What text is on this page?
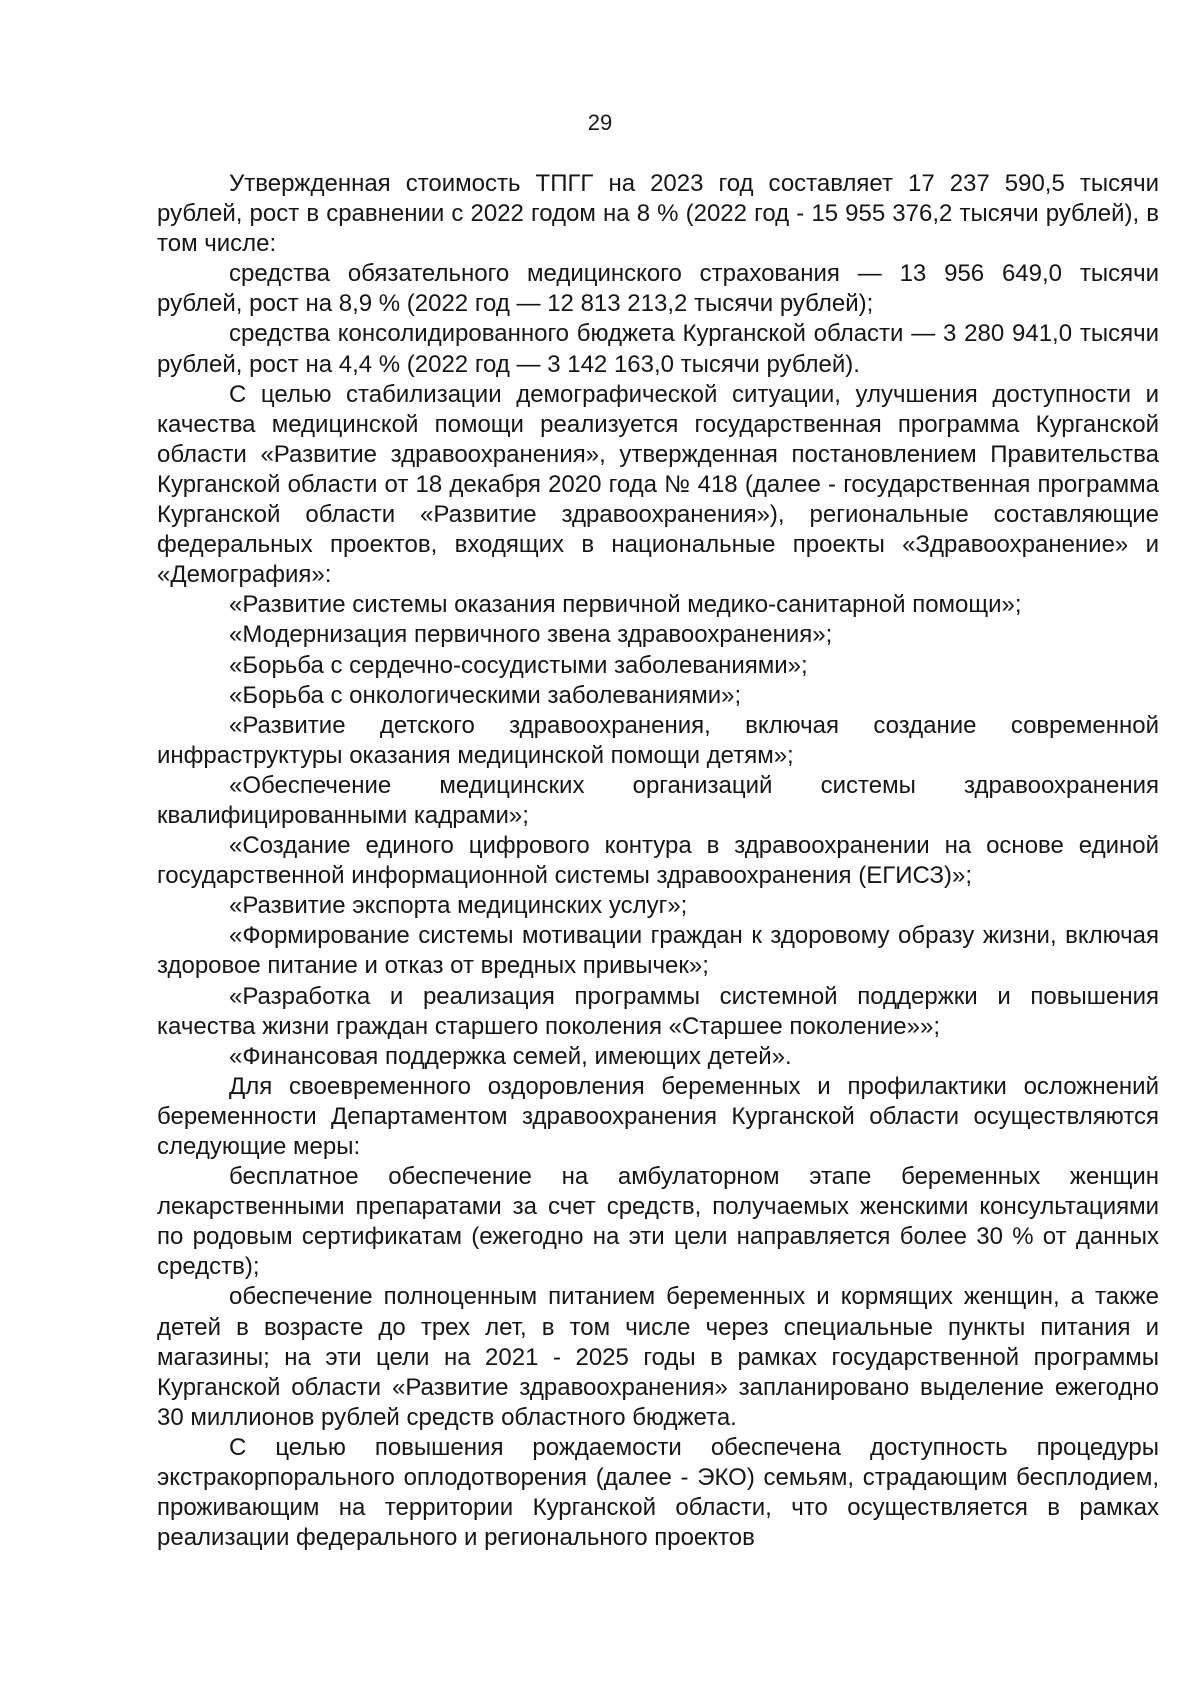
29

Утвержденная стоимость ТПГГ на 2023 год составляет 17 237 590,5 тысячи рублей, рост в сравнении с 2022 годом на 8 % (2022 год - 15 955 376,2 тысячи рублей), в том числе:

средства обязательного медицинского страхования — 13 956 649,0 тысячи рублей, рост на 8,9 % (2022 год — 12 813 213,2 тысячи рублей);

средства консолидированного бюджета Курганской области — 3 280 941,0 тысячи рублей, рост на 4,4 % (2022 год — 3 142 163,0 тысячи рублей).

С целью стабилизации демографической ситуации, улучшения доступности и качества медицинской помощи реализуется государственная программа Курганской области «Развитие здравоохранения», утвержденная постановлением Правительства Курганской области от 18 декабря 2020 года № 418 (далее - государственная программа Курганской области «Развитие здравоохранения»), региональные составляющие федеральных проектов, входящих в национальные проекты «Здравоохранение» и «Демография»:

«Развитие системы оказания первичной медико-санитарной помощи»;

«Модернизация первичного звена здравоохранения»;

«Борьба с сердечно-сосудистыми заболеваниями»;

«Борьба с онкологическими заболеваниями»;

«Развитие детского здравоохранения, включая создание современной инфраструктуры оказания медицинской помощи детям»;

«Обеспечение медицинских организаций системы здравоохранения квалифицированными кадрами»;

«Создание единого цифрового контура в здравоохранении на основе единой государственной информационной системы здравоохранения (ЕГИСЗ)»;

«Развитие экспорта медицинских услуг»;

«Формирование системы мотивации граждан к здоровому образу жизни, включая здоровое питание и отказ от вредных привычек»;

«Разработка и реализация программы системной поддержки и повышения качества жизни граждан старшего поколения «Старшее поколение»»;

«Финансовая поддержка семей, имеющих детей».

Для своевременного оздоровления беременных и профилактики осложнений беременности Департаментом здравоохранения Курганской области осуществляются следующие меры:

бесплатное обеспечение на амбулаторном этапе беременных женщин лекарственными препаратами за счет средств, получаемых женскими консультациями по родовым сертификатам (ежегодно на эти цели направляется более 30 % от данных средств);

обеспечение полноценным питанием беременных и кормящих женщин, а также детей в возрасте до трех лет, в том числе через специальные пункты питания и магазины; на эти цели на 2021 - 2025 годы в рамках государственной программы Курганской области «Развитие здравоохранения» запланировано выделение ежегодно 30 миллионов рублей средств областного бюджета.

С целью повышения рождаемости обеспечена доступность процедуры экстракорпорального оплодотворения (далее - ЭКО) семьям, страдающим бесплодием, проживающим на территории Курганской области, что осуществляется в рамках реализации федерального и регионального проектов
